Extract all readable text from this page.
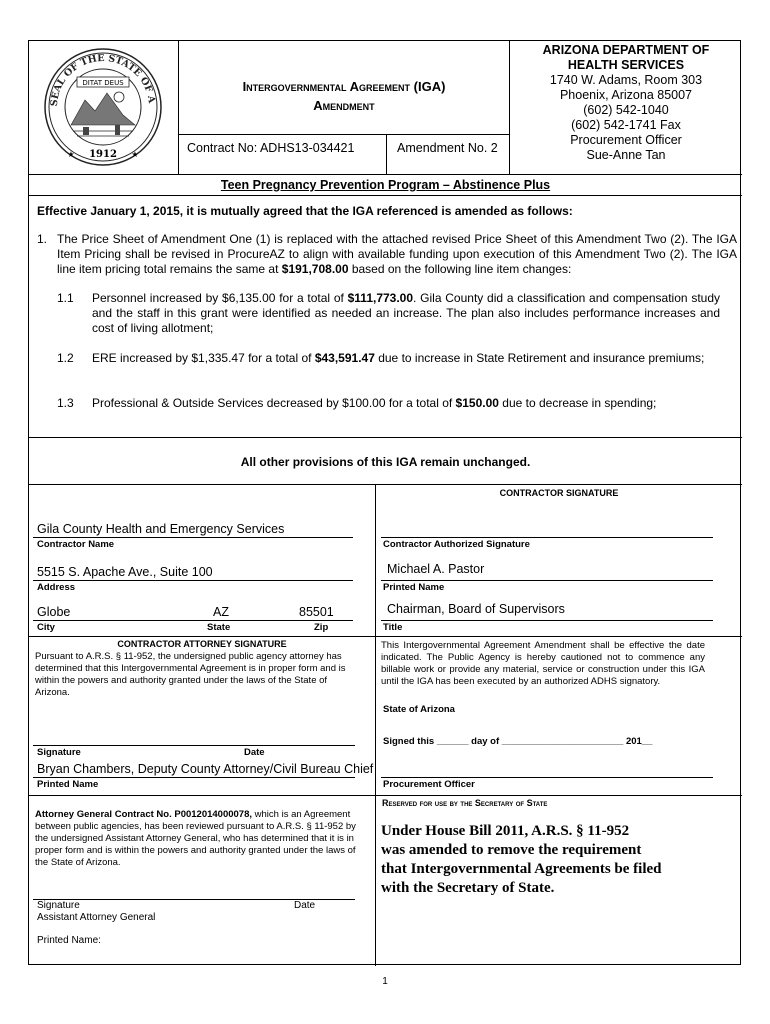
SEAL OF THE STATE OF A
DITAT DEUS
1912
★	★
Intergovernmental Agreement (IGA)
Amendment
Contract No: ADHS13-034421	Amendment No. 2
ARIZONA DEPARTMENT OF
HEALTH SERVICES
1740 W. Adams, Room 303
Phoenix, Arizona 85007
(602) 542-1040
(602) 542-1741 Fax
Procurement Officer
Sue-Anne Tan
Teen Pregnancy Prevention Program – Abstinence Plus
Effective January 1, 2015, it is mutually agreed that the IGA referenced is amended as follows:
1. The Price Sheet of Amendment One (1) is replaced with the attached revised Price Sheet of this Amendment Two (2). The IGA Item Pricing shall be revised in ProcureAZ to align with available funding upon execution of this Amendment Two (2). The IGA line item pricing total remains the same at $191,708.00 based on the following line item changes:
1.1	Personnel increased by $6,135.00 for a total of $111,773.00. Gila County did a classification and compensation study and the staff in this grant were identified as needed an increase. The plan also includes performance increases and cost of living allotment;
1.2	ERE increased by $1,335.47 for a total of $43,591.47 due to increase in State Retirement and insurance premiums;
1.3	Professional & Outside Services decreased by $100.00 for a total of $150.00 due to decrease in spending;
All other provisions of this IGA remain unchanged.
CONTRACTOR SIGNATURE
Gila County Health and Emergency Services
Contractor Name
5515 S. Apache Ave., Suite 100
Address
Globe	AZ	85501
City	State	Zip
Contractor Authorized Signature
Michael A. Pastor
Printed Name
Chairman, Board of Supervisors
Title
CONTRACTOR ATTORNEY SIGNATURE
Pursuant to A.R.S. § 11-952, the undersigned public agency attorney has determined that this Intergovernmental Agreement is in proper form and is within the powers and authority granted under the laws of the State of Arizona.
Signature	Date
Bryan Chambers, Deputy County Attorney/Civil Bureau Chief
Printed Name
This Intergovernmental Agreement Amendment shall be effective the date indicated. The Public Agency is hereby cautioned not to commence any billable work or provide any material, service or construction under this IGA until the IGA has been executed by an authorized ADHS signatory.
State of Arizona
Signed this ______ day of _______________________ 201__
Procurement Officer
Attorney General Contract No. P0012014000078, which is an Agreement between public agencies, has been reviewed pursuant to A.R.S. § 11-952 by the undersigned Assistant Attorney General, who has determined that it is in proper form and is within the powers and authority granted under the laws of the State of Arizona.
Signature	Date
Assistant Attorney General
Printed Name:
Reserved for use by the Secretary of State
Under House Bill 2011, A.R.S. § 11-952
was amended to remove the requirement
that Intergovernmental Agreements be filed
with the Secretary of State.
1
